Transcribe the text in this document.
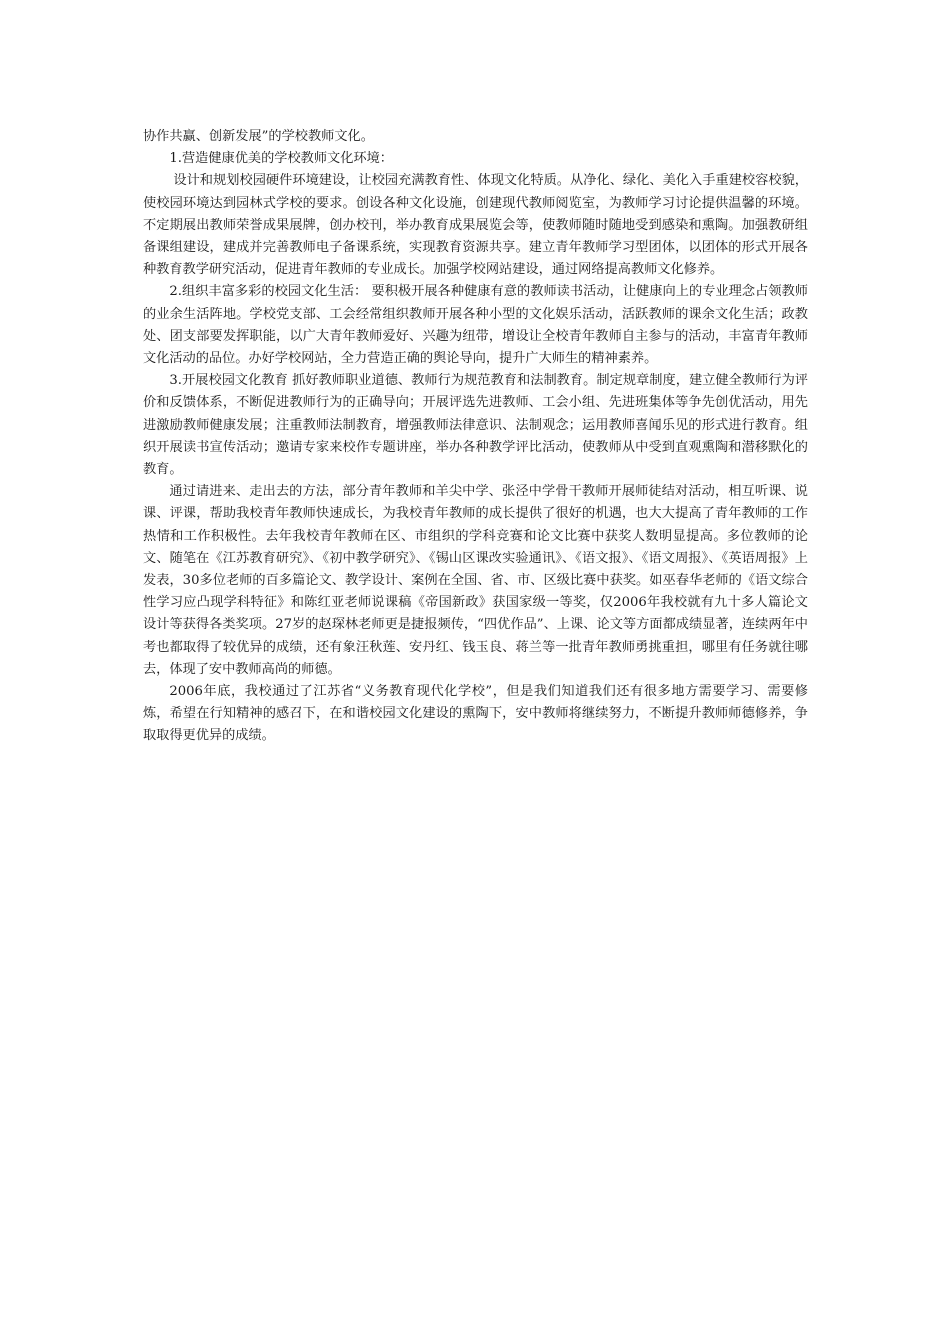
协作共赢、创新发展”的学校教师文化。

1.营造健康优美的学校教师文化环境：

设计和规划校园硬件环境建设，让校园充满教育性、体现文化特质。从净化、绿化、美化入手重建校容校貌，使校园环境达到园林式学校的要求。创设各种文化设施，创建现代教师阅览室，为教师学习讨论提供温馨的环境。不定期展出教师荣誉成果展牌，创办校刊，举办教育成果展览会等，使教师随时随地受到感染和熏陶。加强教研组备课组建设，建成并完善教师电子备课系统，实现教育资源共享。建立青年教师学习型团体，以团体的形式开展各种教育教学研究活动，促进青年教师的专业成长。加强学校网站建设，通过网络提高教师文化修养。

2.组织丰富多彩的校园文化生活： 要积极开展各种健康有意的教师读书活动，让健康向上的专业理念占领教师的业余生活阵地。学校党支部、工会经常组织教师开展各种小型的文化娱乐活动，活跃教师的课余文化生活；政教处、团支部要发挥职能，以广大青年教师爱好、兴趣为纽带，增设让全校青年教师自主参与的活动，丰富青年教师文化活动的品位。办好学校网站，全力营造正确的舆论导向，提升广大师生的精神素养。

3.开展校园文化教育 抓好教师职业道德、教师行为规范教育和法制教育。制定规章制度，建立健全教师行为评价和反馈体系，不断促进教师行为的正确导向；开展评选先进教师、工会小组、先进班集体等争先创优活动，用先进激励教师健康发展；注重教师法制教育，增强教师法律意识、法制观念；运用教师喜闻乐见的形式进行教育。组织开展读书宣传活动；邀请专家来校作专题讲座，举办各种教学评比活动，使教师从中受到直观熏陶和潜移默化的教育。

通过请进来、走出去的方法，部分青年教师和羊尖中学、张泾中学骨干教师开展师徒结对活动，相互听课、说课、评课，帮助我校青年教师快速成长，为我校青年教师的成长提供了很好的机遇，也大大提高了青年教师的工作热情和工作积极性。去年我校青年教师在区、市组织的学科竞赛和论文比赛中获奖人数明显提高。多位教师的论文、随笔在《江苏教育研究》、《初中教学研究》、《锡山区课改实验通讯》、《语文报》、《语文周报》、《英语周报》上发表，30多位老师的百多篇论文、教学设计、案例在全国、省、市、区级比赛中获奖。如巫春华老师的《语文综合性学习应凸现学科特征》和陈红亚老师说课稿《帝国新政》获国家级一等奖，仅2006年我校就有九十多人篇论文设计等获得各类奖项。27岁的赵琛林老师更是捷报频传，“四优作品”、上课、论文等方面都成绩显著，连续两年中考也都取得了较优异的成绩，还有象汪秋莲、安丹红、钱玉良、蒋兰等一批青年教师勇挑重担，哪里有任务就往哪去，体现了安中教师高尚的师德。

2006年底，我校通过了江苏省“义务教育现代化学校”，但是我们知道我们还有很多地方需要学习、需要修炼，希望在行知精神的感召下，在和谐校园文化建设的熏陶下，安中教师将继续努力，不断提升教师师德修养，争取取得更优异的成绩。
